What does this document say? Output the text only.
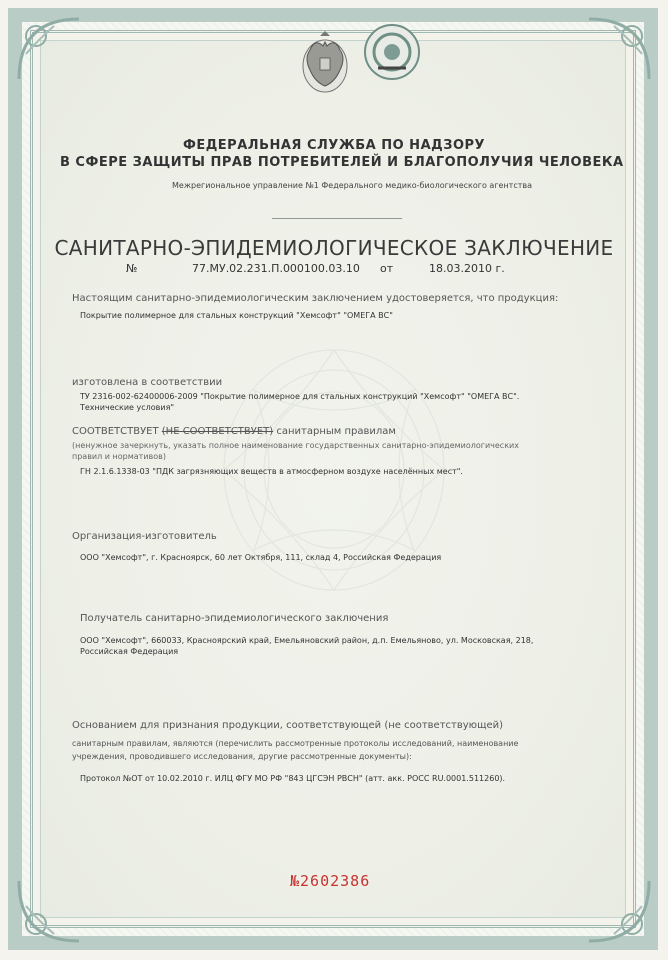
ФЕДЕРАЛЬНАЯ СЛУЖБА ПО НАДЗОРУ

В СФЕРЕ ЗАЩИТЫ ПРАВ ПОТРЕБИТЕЛЕЙ И БЛАГОПОЛУЧИЯ ЧЕЛОВЕКА

Межрегиональное управление №1 Федерального медико-биологического агентства

САНИТАРНО-ЭПИДЕМИОЛОГИЧЕСКОЕ ЗАКЛЮЧЕНИЕ

№	77.МУ.02.231.П.000100.03.10 от	18.03.2010 г.

Настоящим санитарно-эпидемиологическим заключением удостоверяется, что продукция:

Покрытие полимерное для стальных конструкций "Хемсофт" "ОМЕГА ВС"

изготовлена в соответствии

ТУ 2316-002-62400006-2009 "Покрытие полимерное для стальных конструкций "Хемсофт" "ОМЕГА ВС".

Технические условия"

СООТВЕТСТВУЕТ (НЕ СООТВЕТСТВУЕТ) санитарным правилам

(ненужное зачеркнуть, указать полное наименование государственных санитарно-эпидемиологических

правил и нормативов)

ГН 2.1.6.1338-03 "ПДК загрязняющих веществ в атмосферном воздухе населённых мест".

Организация-изготовитель

ООО "Хемсофт", г. Красноярск, 60 лет Октября, 111, склад 4, Российская Федерация

Получатель санитарно-эпидемиологического заключения

ООО "Хемсофт", 660033, Красноярский край, Емельяновский район, д.п. Емельяново, ул. Московская, 218,

Российская Федерация

Основанием для признания продукции, соответствующей (не соответствующей)

санитарным правилам, являются (перечислить рассмотренные протоколы исследований, наименование

учреждения, проводившего исследования, другие рассмотренные документы):

Протокол №ОТ от 10.02.2010 г. ИЛЦ ФГУ МО РФ "843 ЦГСЭН РВСН" (атт. акк. РОСС RU.0001.511260).

№2602386
